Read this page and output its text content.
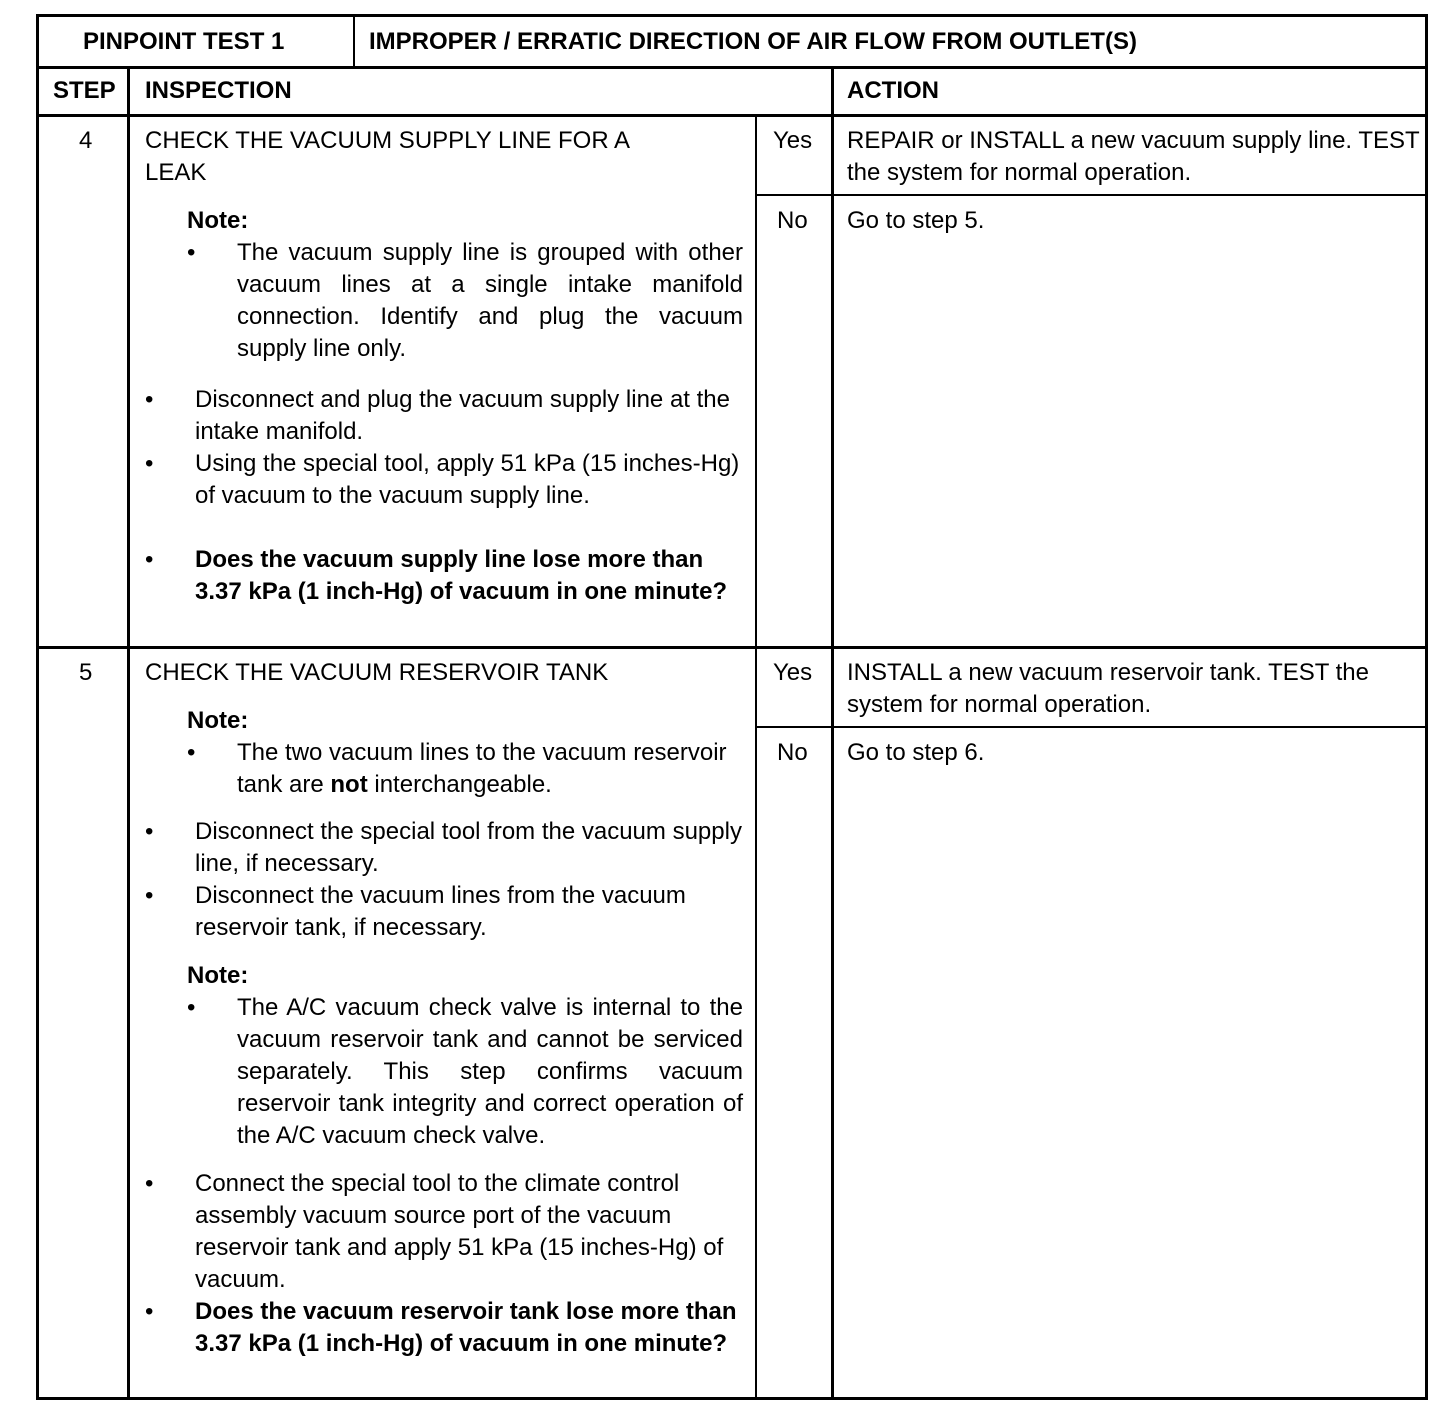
PINPOINT TEST 1	IMPROPER / ERRATIC DIRECTION OF AIR FLOW FROM OUTLET(S)
STEP INSPECTION	ACTION
4 CHECK THE VACUUM SUPPLY LINE FOR A
LEAK
Note:
• The vacuum supply line is grouped with other vacuum lines at a single intake manifold connection. Identify and plug the vacuum supply line only.
• Disconnect and plug the vacuum supply line at the intake manifold.
• Using the special tool, apply 51 kPa (15 inches-Hg) of vacuum to the vacuum supply line.
• Does the vacuum supply line lose more than 3.37 kPa (1 inch-Hg) of vacuum in one minute?
Yes REPAIR or INSTALL a new vacuum supply line. TEST the system for normal operation.
No Go to step 5.
5 CHECK THE VACUUM RESERVOIR TANK
Note:
• The two vacuum lines to the vacuum reservoir tank are not interchangeable.
• Disconnect the special tool from the vacuum supply line, if necessary.
• Disconnect the vacuum lines from the vacuum reservoir tank, if necessary.
Note:
• The A/C vacuum check valve is internal to the vacuum reservoir tank and cannot be serviced separately. This step confirms vacuum reservoir tank integrity and correct operation of the A/C vacuum check valve.
• Connect the special tool to the climate control assembly vacuum source port of the vacuum reservoir tank and apply 51 kPa (15 inches-Hg) of vacuum.
• Does the vacuum reservoir tank lose more than 3.37 kPa (1 inch-Hg) of vacuum in one minute?
Yes INSTALL a new vacuum reservoir tank. TEST the system for normal operation.
No Go to step 6.
